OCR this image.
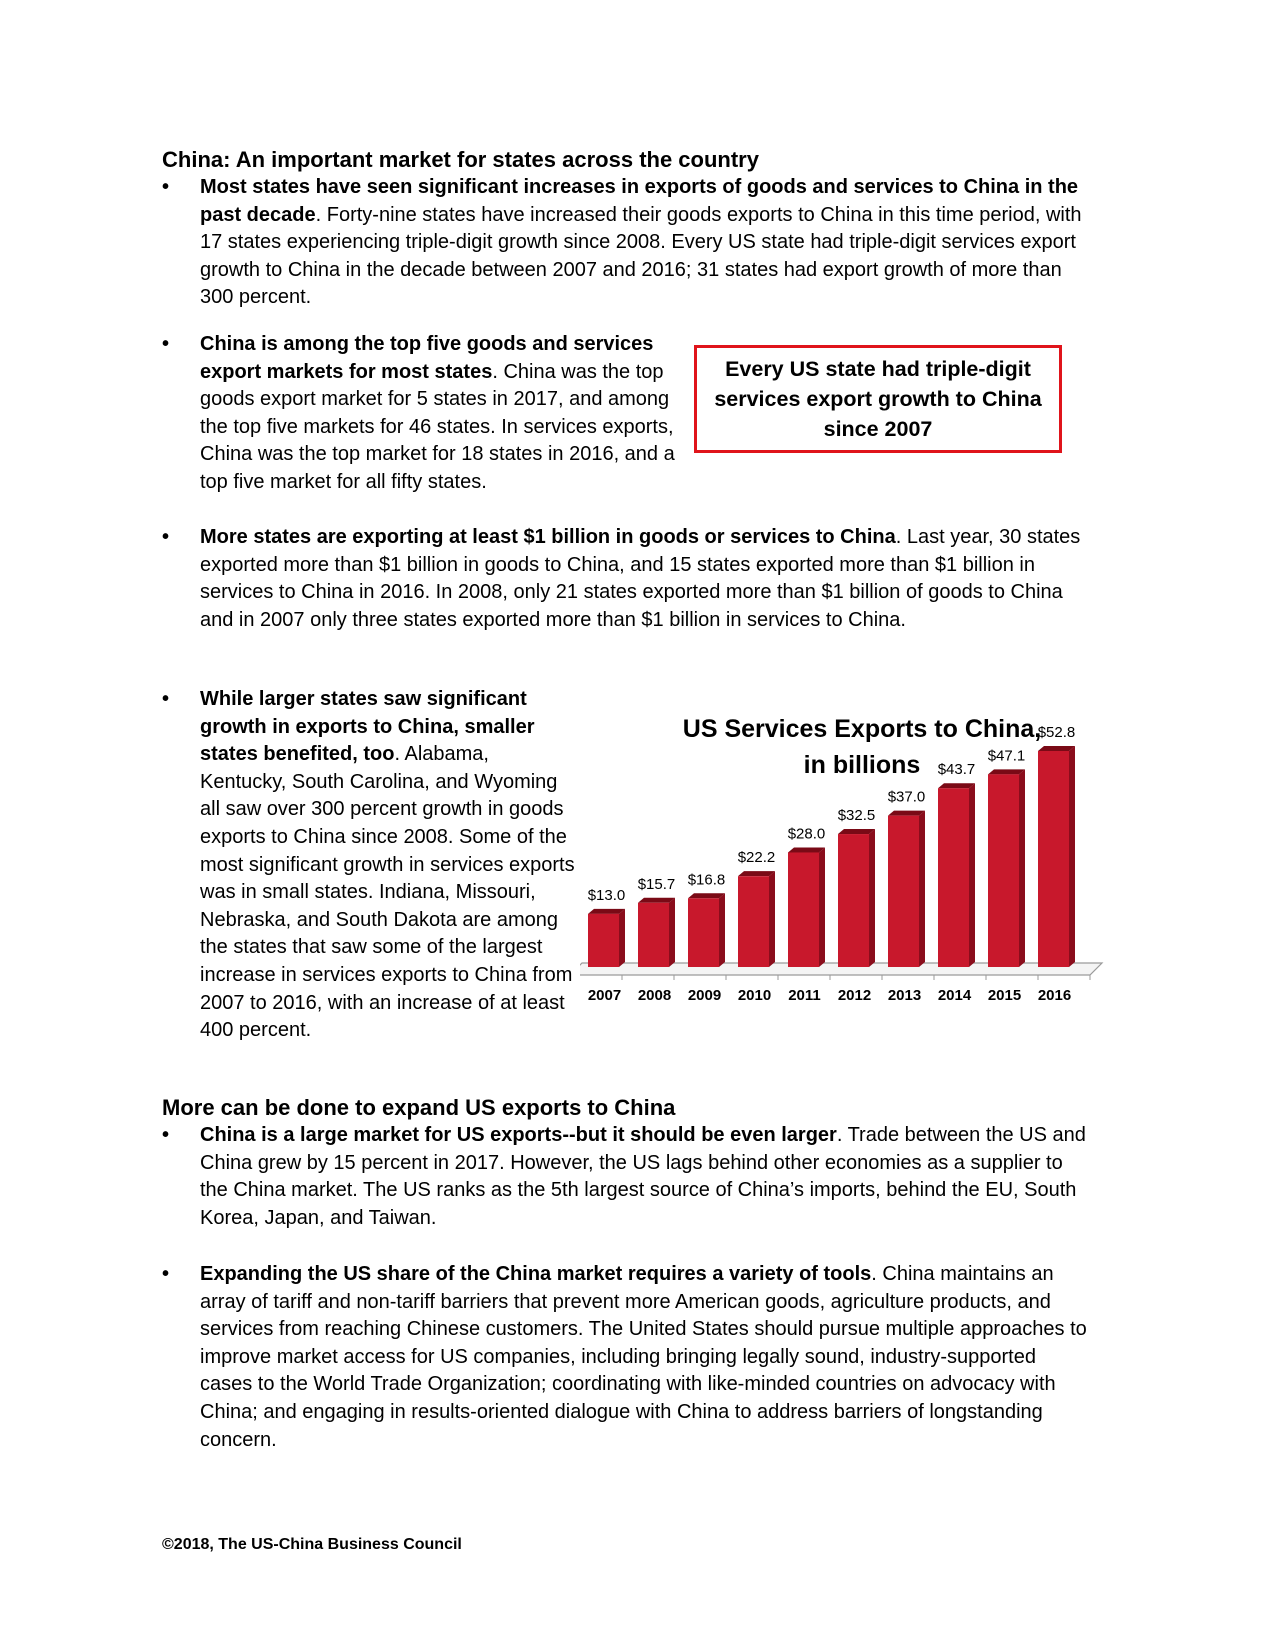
China: An important market for states across the country
• Most states have seen significant increases in exports of goods and services to China in the past decade. Forty-nine states have increased their goods exports to China in this time period, with 17 states experiencing triple-digit growth since 2008. Every US state had triple-digit services export growth to China in the decade between 2007 and 2016; 31 states had export growth of more than 300 percent.
• China is among the top five goods and services export markets for most states. China was the top goods export market for 5 states in 2017, and among the top five markets for 46 states. In services exports, China was the top market for 18 states in 2016, and a top five market for all fifty states.
Every US state had triple-digit services export growth to China since 2007
• More states are exporting at least $1 billion in goods or services to China. Last year, 30 states exported more than $1 billion in goods to China, and 15 states exported more than $1 billion in services to China in 2016. In 2008, only 21 states exported more than $1 billion of goods to China and in 2007 only three states exported more than $1 billion in services to China.
• While larger states saw significant growth in exports to China, smaller states benefited, too. Alabama, Kentucky, South Carolina, and Wyoming all saw over 300 percent growth in goods exports to China since 2008. Some of the most significant growth in services exports was in small states. Indiana, Missouri, Nebraska, and South Dakota are among the states that saw some of the largest increase in services exports to China from 2007 to 2016, with an increase of at least 400 percent.
US Services Exports to China,
in billions
$13.0
2007
$15.7
2008
$16.8
2009
$22.2
2010
$28.0
2011
$32.5
2012
$37.0
2013
$43.7
2014
$47.1
2015
$52.8
2016
More can be done to expand US exports to China
• China is a large market for US exports--but it should be even larger. Trade between the US and China grew by 15 percent in 2017. However, the US lags behind other economies as a supplier to the China market. The US ranks as the 5th largest source of China’s imports, behind the EU, South Korea, Japan, and Taiwan.
• Expanding the US share of the China market requires a variety of tools. China maintains an array of tariff and non-tariff barriers that prevent more American goods, agriculture products, and services from reaching Chinese customers. The United States should pursue multiple approaches to improve market access for US companies, including bringing legally sound, industry-supported cases to the World Trade Organization; coordinating with like-minded countries on advocacy with China; and engaging in results-oriented dialogue with China to address barriers of longstanding concern.
©2018, The US-China Business Council
